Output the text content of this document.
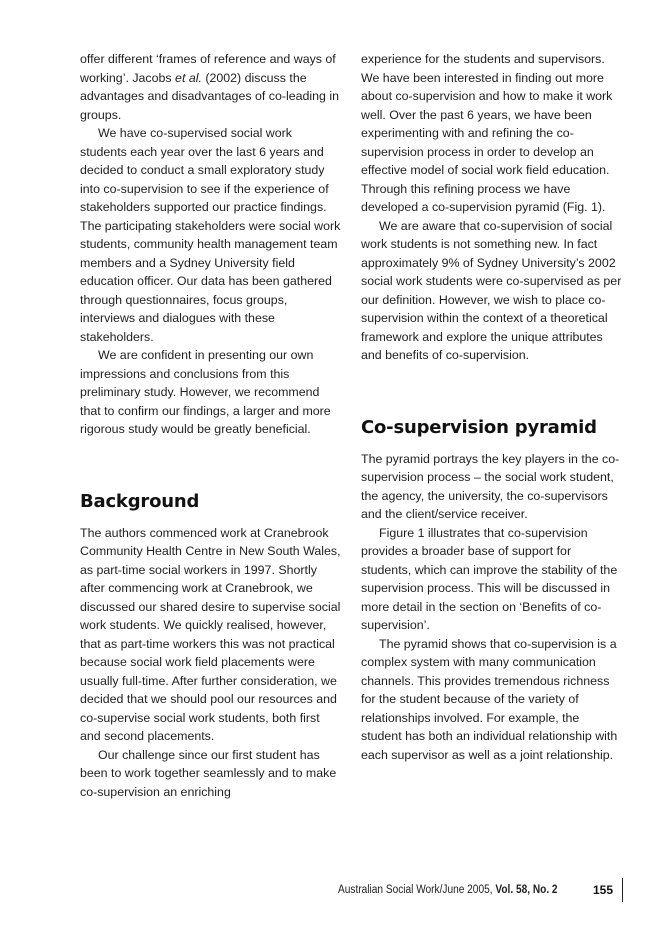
offer different ‘frames of reference and ways of working’. Jacobs et al. (2002) discuss the advantages and disadvantages of co-leading in groups.

We have co-supervised social work students each year over the last 6 years and decided to conduct a small exploratory study into co-supervision to see if the experience of stakeholders supported our practice findings. The participating stakeholders were social work students, community health management team members and a Sydney University field education officer. Our data has been gathered through questionnaires, focus groups, interviews and dialogues with these stakeholders.

We are confident in presenting our own impressions and conclusions from this preliminary study. However, we recommend that to confirm our findings, a larger and more rigorous study would be greatly beneficial.

Background

The authors commenced work at Cranebrook Community Health Centre in New South Wales, as part-time social workers in 1997. Shortly after commencing work at Cranebrook, we discussed our shared desire to supervise social work students. We quickly realised, however, that as part-time workers this was not practical because social work field placements were usually full-time. After further consideration, we decided that we should pool our resources and co-supervise social work students, both first and second placements.

Our challenge since our first student has been to work together seamlessly and to make co-supervision an enriching

experience for the students and supervisors. We have been interested in finding out more about co-supervision and how to make it work well. Over the past 6 years, we have been experimenting with and refining the co-supervision process in order to develop an effective model of social work field education. Through this refining process we have developed a co-supervision pyramid (Fig. 1).

We are aware that co-supervision of social work students is not something new. In fact approximately 9% of Sydney University’s 2002 social work students were co-supervised as per our definition. However, we wish to place co-supervision within the context of a theoretical framework and explore the unique attributes and benefits of co-supervision.

Co-supervision pyramid

The pyramid portrays the key players in the co-supervision process – the social work student, the agency, the university, the co-supervisors and the client/service receiver.

Figure 1 illustrates that co-supervision provides a broader base of support for students, which can improve the stability of the supervision process. This will be discussed in more detail in the section on ‘Benefits of co-supervision’.

The pyramid shows that co-supervision is a complex system with many communication channels. This provides tremendous richness for the student because of the variety of relationships involved. For example, the student has both an individual relationship with each supervisor as well as a joint relationship.

Australian Social Work/June 2005, Vol. 58, No. 2	155
